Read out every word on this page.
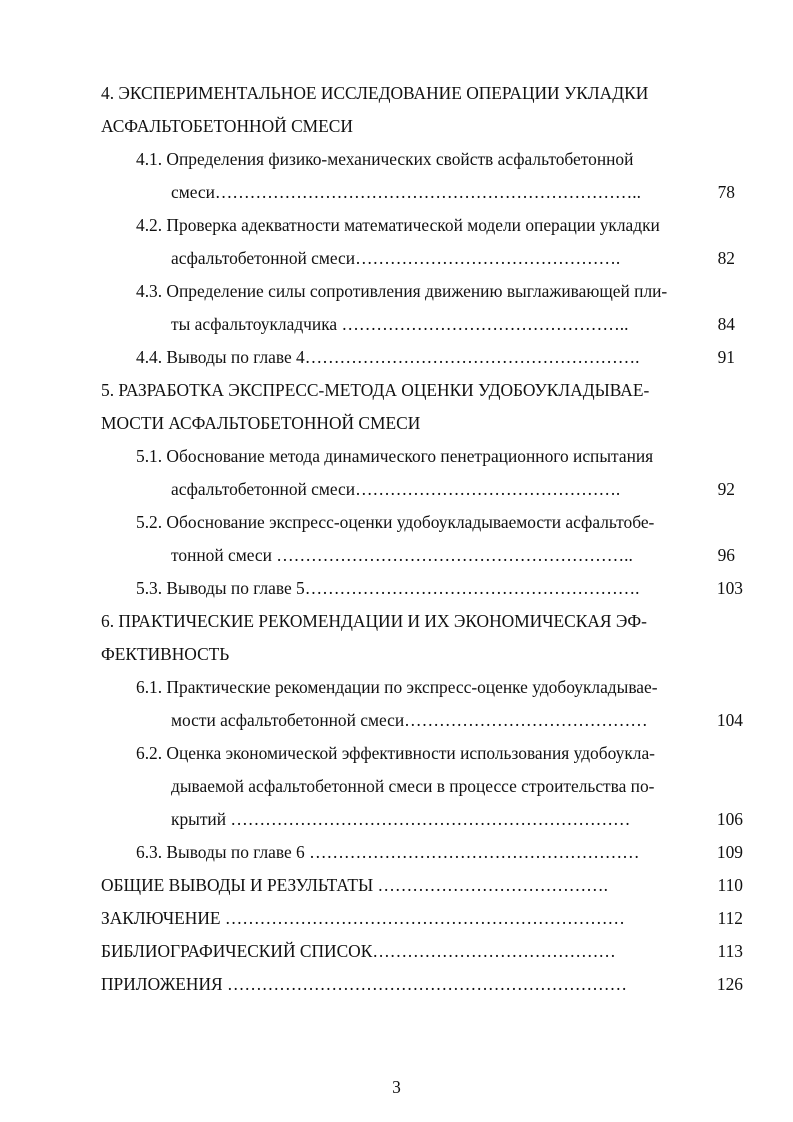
4. ЭКСПЕРИМЕНТАЛЬНОЕ ИССЛЕДОВАНИЕ ОПЕРАЦИИ УКЛАДКИ
АСФАЛЬТОБЕТОННОЙ СМЕСИ
4.1. Определения физико-механических свойств асфальтобетонной
смеси………………………………………………………………..	78
4.2. Проверка адекватности математической модели операции укладки
асфальтобетонной смеси……………………………………….	82
4.3. Определение силы сопротивления движению выглаживающей пли-
ты асфальтоукладчика …………………………………………..	84
4.4. Выводы по главе 4………………………………………………….	91
5. РАЗРАБОТКА ЭКСПРЕСС-МЕТОДА ОЦЕНКИ УДОБОУКЛАДЫВАЕ-
МОСТИ АСФАЛЬТОБЕТОННОЙ СМЕСИ
5.1. Обоснование метода динамического пенетрационного испытания
асфальтобетонной смеси……………………………………….	92
5.2. Обоснование экспресс-оценки удобоукладываемости асфальтобе-
тонной смеси ……………………………………………………..	96
5.3. Выводы по главе 5………………………………………………….	103
6. ПРАКТИЧЕСКИЕ РЕКОМЕНДАЦИИ И ИХ ЭКОНОМИЧЕСКАЯ ЭФ-
ФЕКТИВНОСТЬ
6.1. Практические рекомендации по экспресс-оценке удобоукладывае-
мости асфальтобетонной смеси……………………………………	104
6.2. Оценка экономической эффективности использования удобоукла-
дываемой асфальтобетонной смеси в процессе строительства по-
крытий ……………………………………………………………	106
6.3. Выводы по главе 6 …………………………………………………	109
ОБЩИЕ ВЫВОДЫ И РЕЗУЛЬТАТЫ ………………………………….	110
ЗАКЛЮЧЕНИЕ ……………………………………………………………	112
БИБЛИОГРАФИЧЕСКИЙ СПИСОК……………………………………	113
ПРИЛОЖЕНИЯ ……………………………………………………………	126
3
